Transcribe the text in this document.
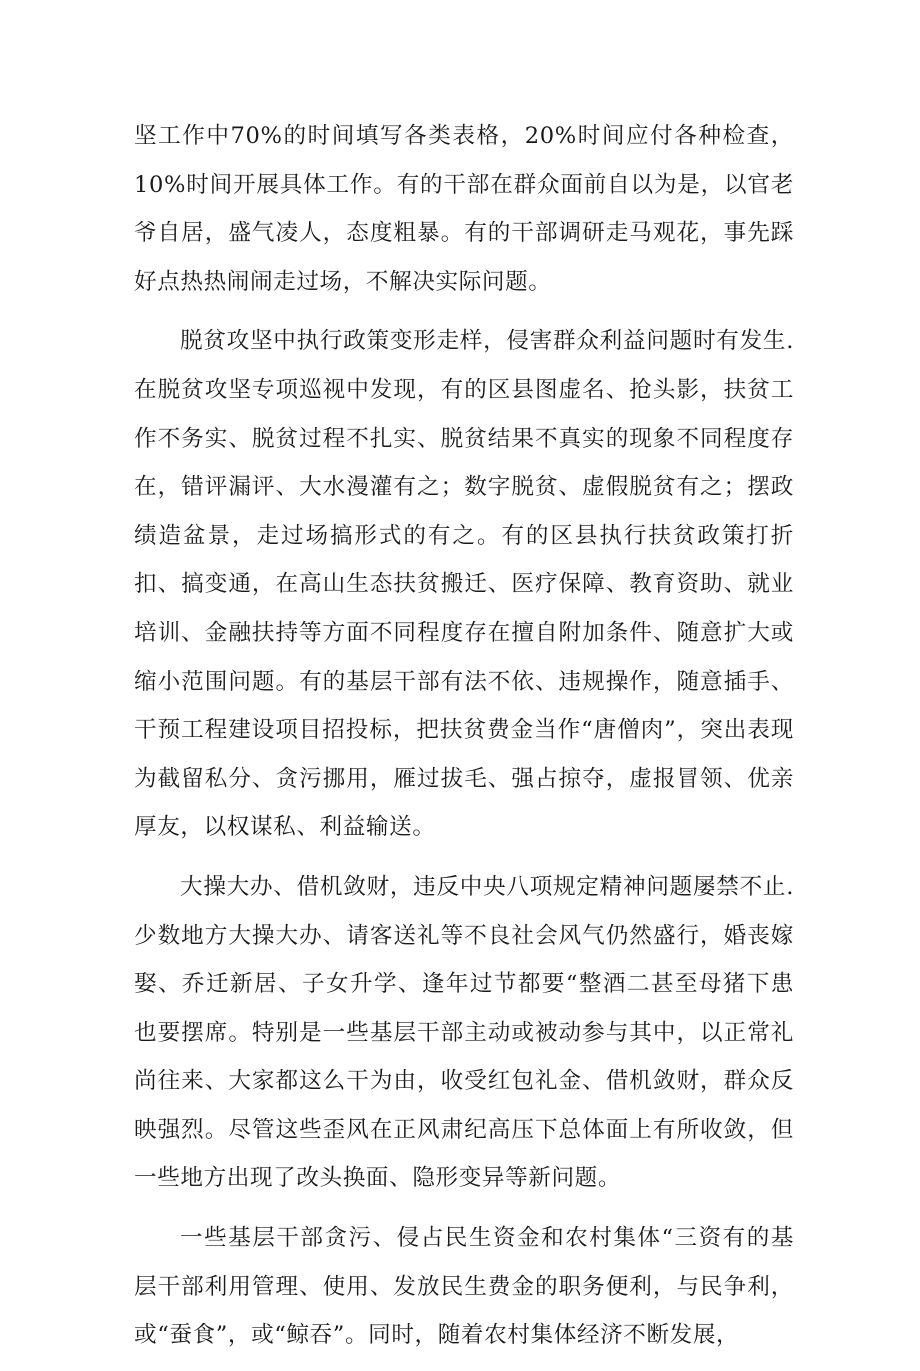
坚工作中70%的时间填写各类表格，20%时间应付各种检查，10%时间开展具体工作。有的干部在群众面前自以为是，以官老爷自居，盛气凌人，态度粗暴。有的干部调研走马观花，事先踩好点热热闹闹走过场，不解决实际问题。

脱贫攻坚中执行政策变形走样，侵害群众利益问题时有发生.在脱贫攻坚专项巡视中发现，有的区县图虚名、抢头影，扶贫工作不务实、脱贫过程不扎实、脱贫结果不真实的现象不同程度存在，错评漏评、大水漫灌有之；数字脱贫、虚假脱贫有之；摆政绩造盆景，走过场搞形式的有之。有的区县执行扶贫政策打折扣、搞变通，在高山生态扶贫搬迁、医疗保障、教育资助、就业培训、金融扶持等方面不同程度存在擅自附加条件、随意扩大或缩小范围问题。有的基层干部有法不依、违规操作，随意插手、干预工程建设项目招投标，把扶贫费金当作“唐僧肉”，突出表现为截留私分、贪污挪用，雁过拔毛、强占掠夺，虚报冒领、优亲厚友，以权谋私、利益输送。

大操大办、借机敛财，违反中央八项规定精神问题屡禁不止.少数地方大操大办、请客送礼等不良社会风气仍然盛行，婚丧嫁娶、乔迁新居、子女升学、逢年过节都要“整酒二甚至母猪下患也要摆席。特别是一些基层干部主动或被动参与其中，以正常礼尚往来、大家都这么干为由，收受红包礼金、借机敛财，群众反映强烈。尽管这些歪风在正风肃纪高压下总体面上有所收敛，但一些地方出现了改头换面、隐形变异等新问题。

一些基层干部贪污、侵占民生资金和农村集体“三资有的基层干部利用管理、使用、发放民生费金的职务便利，与民争利，或“蚕食”，或“鲸吞”。同时，随着农村集体经济不断发展，
